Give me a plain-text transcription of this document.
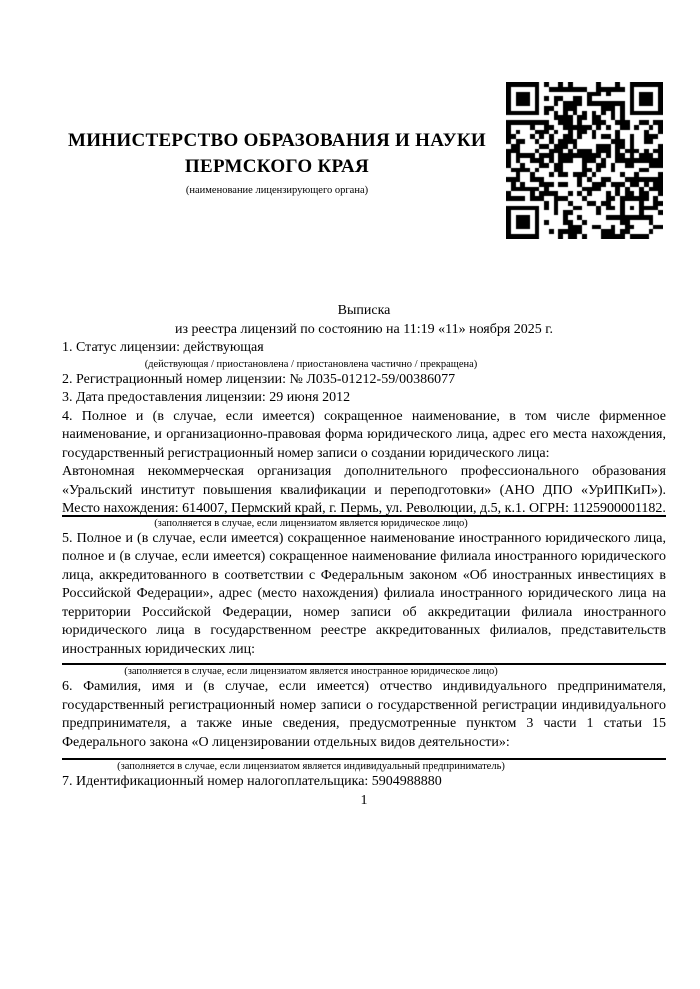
МИНИСТЕРСТВО ОБРАЗОВАНИЯ И НАУКИ
ПЕРМСКОГО КРАЯ
(наименование лицензирующего органа)

Выписка

из реестра лицензий по состоянию на 11:19 «11» ноября 2025 г.

1. Статус лицензии: действующая

(действующая / приостановлена / приостановлена частично / прекращена)

2. Регистрационный номер лицензии: № Л035-01212-59/00386077

3. Дата предоставления лицензии: 29 июня 2012

4. Полное и (в случае, если имеется) сокращенное наименование, в том числе фирменное наименование, и организационно-правовая форма юридического лица, адрес его места нахождения, государственный регистрационный номер записи о создании юридического лица:

Автономная некоммерческая организация дополнительного профессионального образования «Уральский институт повышения квалификации и переподготовки» (АНО ДПО «УрИПКиП»). Место нахождения: 614007, Пермский край, г. Пермь, ул. Революции, д.5, к.1. ОГРН: 1125900001182.

(заполняется в случае, если лицензиатом является юридическое лицо)

5. Полное и (в случае, если имеется) сокращенное наименование иностранного юридического лица, полное и (в случае, если имеется) сокращенное наименование филиала иностранного юридического лица, аккредитованного в соответствии с Федеральным законом «Об иностранных инвестициях в Российской Федерации», адрес (место нахождения) филиала иностранного юридического лица на территории Российской Федерации, номер записи об аккредитации филиала иностранного юридического лица в государственном реестре аккредитованных филиалов, представительств иностранных юридических лиц:

(заполняется в случае, если лицензиатом является иностранное юридическое лицо)

6. Фамилия, имя и (в случае, если имеется) отчество индивидуального предпринимателя, государственный регистрационный номер записи о государственной регистрации индивидуального предпринимателя, а также иные сведения, предусмотренные пунктом 3 части 1 статьи 15 Федерального закона «О лицензировании отдельных видов деятельности»:

(заполняется в случае, если лицензиатом является индивидуальный предприниматель)

7. Идентификационный номер налогоплательщика: 5904988880

1
